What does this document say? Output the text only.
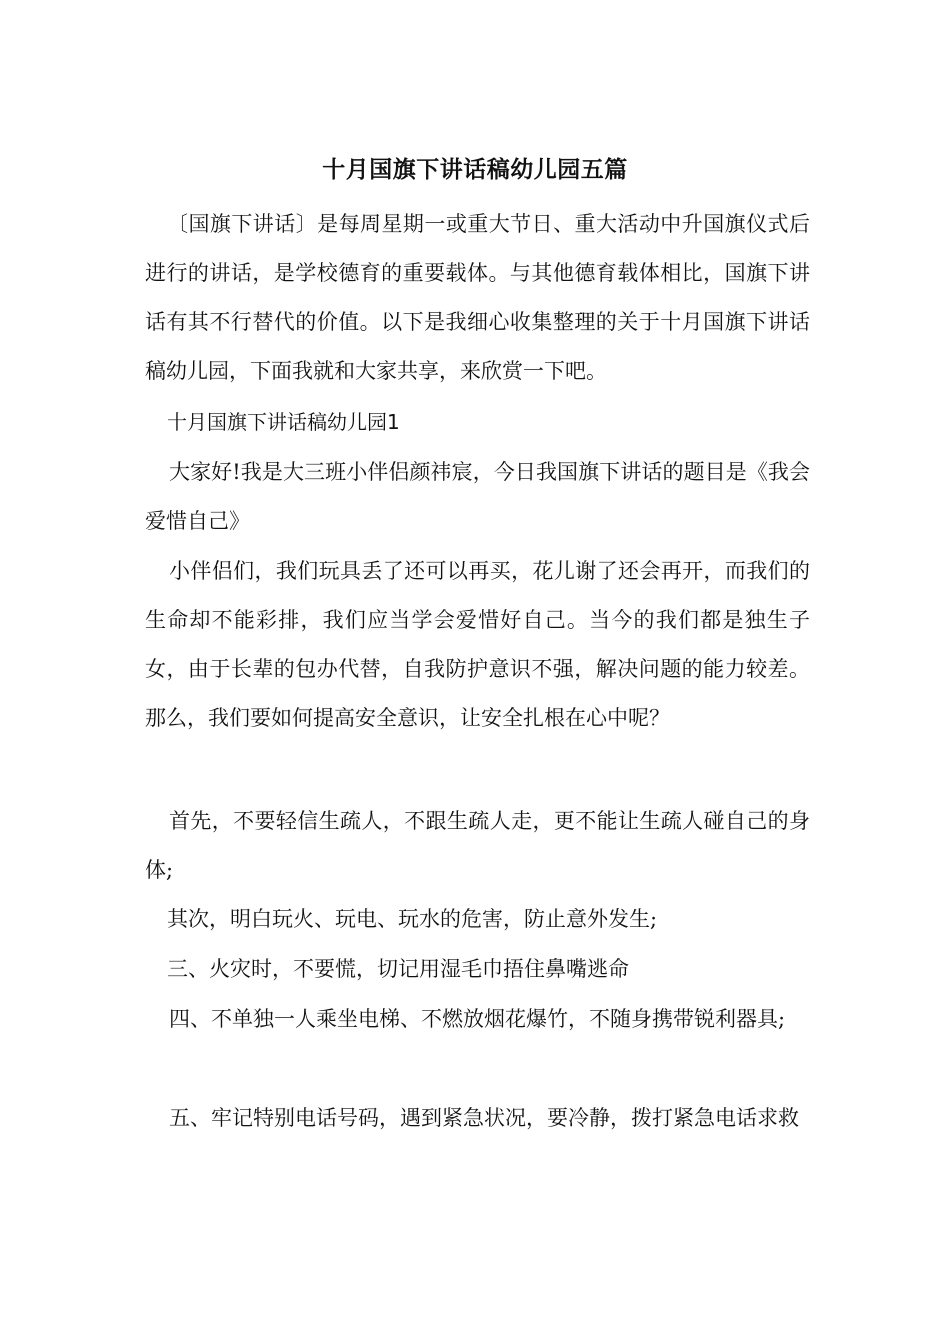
十月国旗下讲话稿幼儿园五篇

〔国旗下讲话〕是每周星期一或重大节日、重大活动中升国旗仪式后进行的讲话，是学校德育的重要载体。与其他德育载体相比，国旗下讲话有其不行替代的价值。以下是我细心收集整理的关于十月国旗下讲话稿幼儿园，下面我就和大家共享，来欣赏一下吧。

十月国旗下讲话稿幼儿园1

大家好!我是大三班小伴侣颜祎宸，今日我国旗下讲话的题目是《我会爱惜自己》

小伴侣们，我们玩具丢了还可以再买，花儿谢了还会再开，而我们的生命却不能彩排，我们应当学会爱惜好自己。当今的我们都是独生子女，由于长辈的包办代替，自我防护意识不强，解决问题的能力较差。那么，我们要如何提高安全意识，让安全扎根在心中呢？

首先，不要轻信生疏人，不跟生疏人走，更不能让生疏人碰自己的身体;

其次，明白玩火、玩电、玩水的危害，防止意外发生;

三、火灾时，不要慌，切记用湿毛巾捂住鼻嘴逃命

四、不单独一人乘坐电梯、不燃放烟花爆竹，不随身携带锐利器具;

五、牢记特别电话号码，遇到紧急状况，要冷静，拨打紧急电话求救
